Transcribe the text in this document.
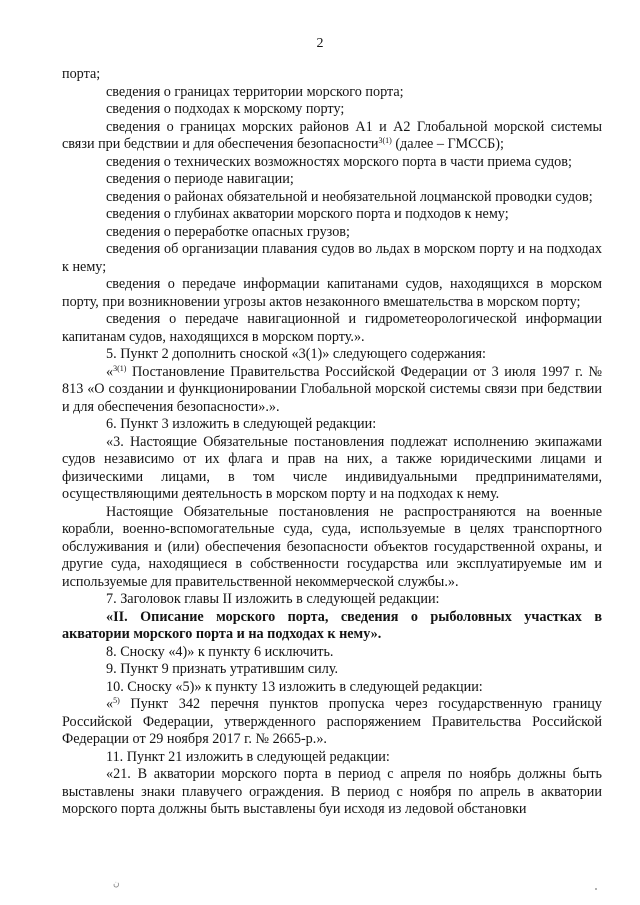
2

порта;

сведения о границах территории морского порта;

сведения о подходах к морскому порту;

сведения о границах морских районов А1 и А2 Глобальной морской системы связи при бедствии и для обеспечения безопасности$^{3(1)}$ (далее – ГМССБ);

сведения о технических возможностях морского порта в части приема судов;

сведения о периоде навигации;

сведения о районах обязательной и необязательной лоцманской проводки судов;

сведения о глубинах акватории морского порта и подходов к нему;

сведения о переработке опасных грузов;

сведения об организации плавания судов во льдах в морском порту и на подходах к нему;

сведения о передаче информации капитанами судов, находящихся в морском порту, при возникновении угрозы актов незаконного вмешательства в морском порту;

сведения о передаче навигационной и гидрометеорологической информации капитанам судов, находящихся в морском порту.».

5. Пункт 2 дополнить сноской «3(1)» следующего содержания:

«$^{3(1)}$ Постановление Правительства Российской Федерации от 3 июля 1997 г. № 813 «О создании и функционировании Глобальной морской системы связи при бедствии и для обеспечения безопасности».».

6. Пункт 3 изложить в следующей редакции:

«3. Настоящие Обязательные постановления подлежат исполнению экипажами судов независимо от их флага и прав на них, а также юридическими лицами и физическими лицами, в том числе индивидуальными предпринимателями, осуществляющими деятельность в морском порту и на подходах к нему.

Настоящие Обязательные постановления не распространяются на военные корабли, военно-вспомогательные суда, суда, используемые в целях транспортного обслуживания и (или) обеспечения безопасности объектов государственной охраны, и другие суда, находящиеся в собственности государства или эксплуатируемые им и используемые для правительственной некоммерческой службы.».

7. Заголовок главы II изложить в следующей редакции:

«II. Описание морского порта, сведения о рыболовных участках в акватории морского порта и на подходах к нему».

8. Сноску «4)» к пункту 6 исключить.

9. Пункт 9 признать утратившим силу.

10. Сноску «5)» к пункту 13 изложить в следующей редакции:

«$^{5)}$ Пункт 342 перечня пунктов пропуска через государственную границу Российской Федерации, утвержденного распоряжением Правительства Российской Федерации от 29 ноября 2017 г. № 2665-р.».

11. Пункт 21 изложить в следующей редакции:

«21. В акватории морского порта в период с апреля по ноябрь должны быть выставлены знаки плавучего ограждения. В период с ноября по апрель в акватории морского порта должны быть выставлены буи исходя из ледовой обстановки

ن
